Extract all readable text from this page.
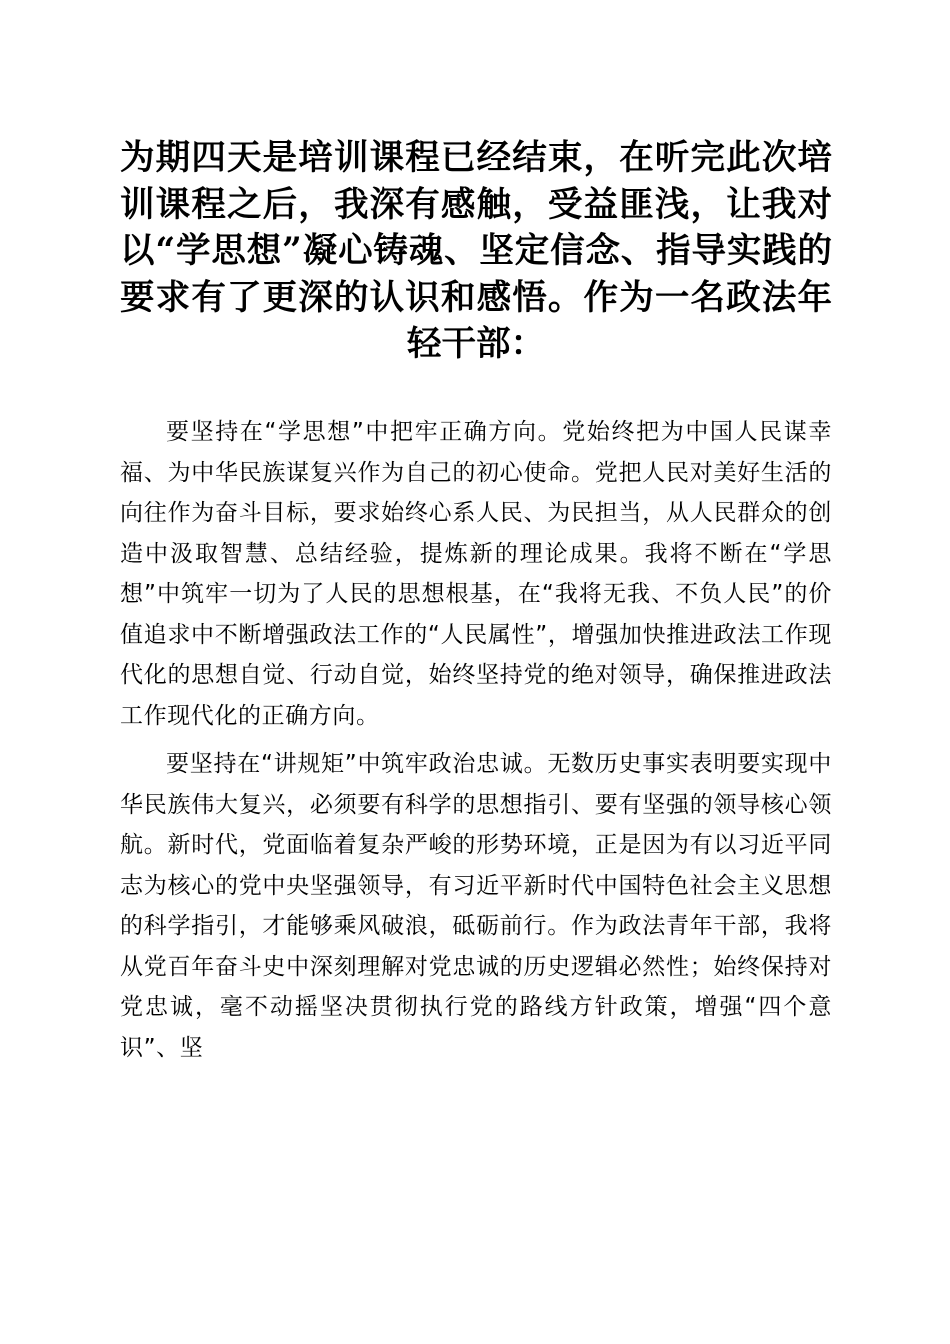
为期四天是培训课程已经结束，在听完此次培训课程之后，我深有感触，受益匪浅，让我对以“学思想”凝心铸魂、坚定信念、指导实践的要求有了更深的认识和感悟。作为一名政法年轻干部：

要坚持在“学思想”中把牢正确方向。党始终把为中国人民谋幸福、为中华民族谋复兴作为自己的初心使命。党把人民对美好生活的向往作为奋斗目标，要求始终心系人民、为民担当，从人民群众的创造中汲取智慧、总结经验，提炼新的理论成果。我将不断在“学思想”中筑牢一切为了人民的思想根基，在“我将无我、不负人民”的价值追求中不断增强政法工作的“人民属性”，增强加快推进政法工作现代化的思想自觉、行动自觉，始终坚持党的绝对领导，确保推进政法工作现代化的正确方向。

要坚持在“讲规矩”中筑牢政治忠诚。无数历史事实表明要实现中华民族伟大复兴，必须要有科学的思想指引、要有坚强的领导核心领航。新时代，党面临着复杂严峻的形势环境，正是因为有以习近平同志为核心的党中央坚强领导，有习近平新时代中国特色社会主义思想的科学指引，才能够乘风破浪，砥砺前行。作为政法青年干部，我将从党百年奋斗史中深刻理解对党忠诚的历史逻辑必然性；始终保持对党忠诚，毫不动摇坚决贯彻执行党的路线方针政策，增强“四个意识”、坚
